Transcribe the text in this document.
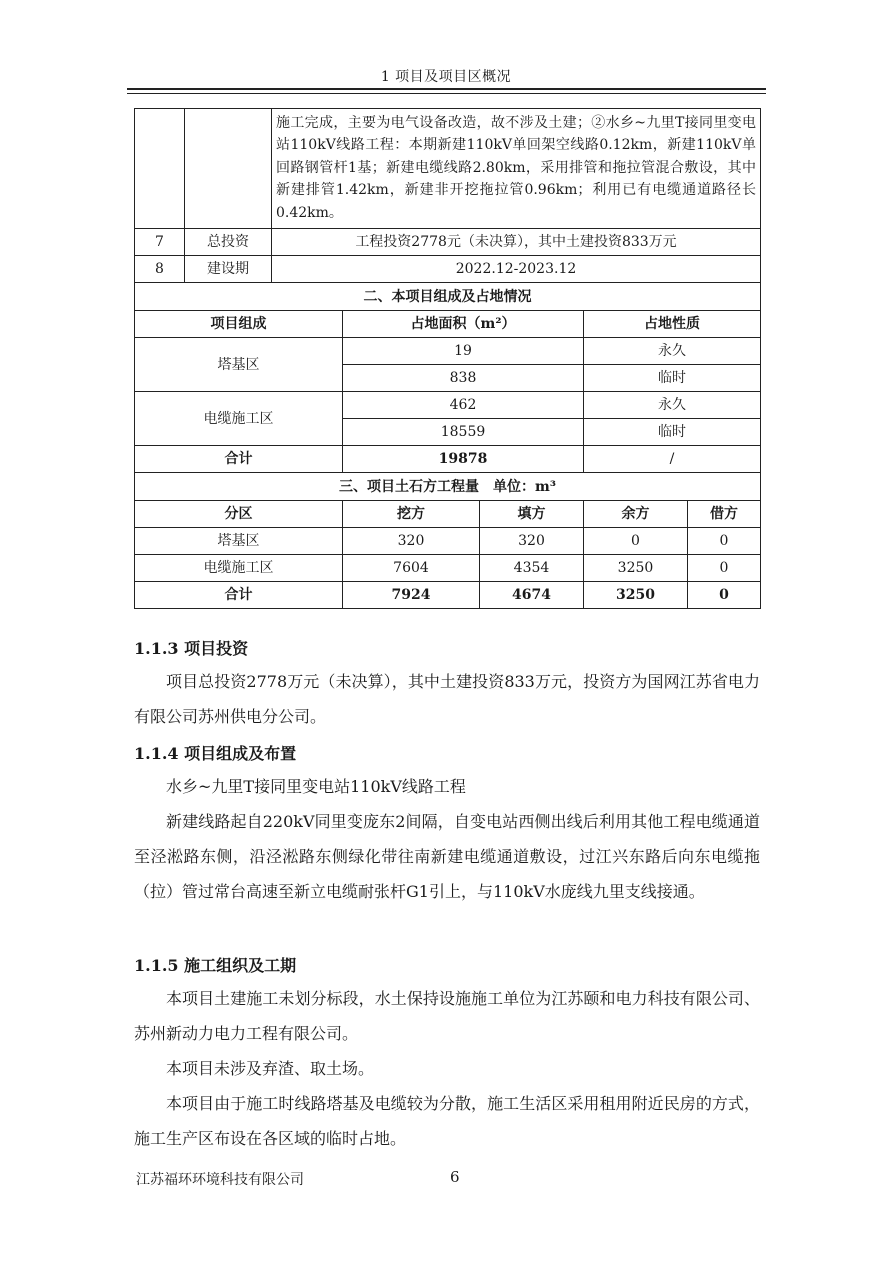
1 项目及项目区概况
		施工完成，主要为电气设备改造，故不涉及土建；②水乡~九里T接同里变电站110kV线路工程：本期新建110kV单回架空线路0.12km，新建110kV单回路钢管杆1基；新建电缆线路2.80km，采用排管和拖拉管混合敷设，其中新建排管1.42km，新建非开挖拖拉管0.96km；利用已有电缆通道路径长0.42km。				
7	总投资	工程投资2778元（未决算），其中土建投资833万元				
8	建设期	2022.12-2023.12				
二、本项目组成及占地情况						
项目组成			占地面积（m²）		占地性质	
塔基区			19		永久	
			838		临时	
电缆施工区			462		永久	
			18559		临时	
合计			19878		/	
三、项目土石方工程量　单位：m³						
分区			挖方	填方	余方	借方
塔基区			320	320	0	0
电缆施工区			7604	4354	3250	0
合计			7924	4674	3250	0
1.1.3 项目投资
项目总投资2778万元（未决算），其中土建投资833万元，投资方为国网江苏省电力有限公司苏州供电分公司。
1.1.4 项目组成及布置
水乡~九里T接同里变电站110kV线路工程
新建线路起自220kV同里变庞东2间隔，自变电站西侧出线后利用其他工程电缆通道至泾淞路东侧，沿泾淞路东侧绿化带往南新建电缆通道敷设，过江兴东路后向东电缆拖（拉）管过常台高速至新立电缆耐张杆G1引上，与110kV水庞线九里支线接通。
1.1.5 施工组织及工期
本项目土建施工未划分标段，水土保持设施施工单位为江苏颐和电力科技有限公司、苏州新动力电力工程有限公司。
本项目未涉及弃渣、取土场。
本项目由于施工时线路塔基及电缆较为分散，施工生活区采用租用附近民房的方式，施工生产区布设在各区域的临时占地。
江苏福环环境科技有限公司	6
